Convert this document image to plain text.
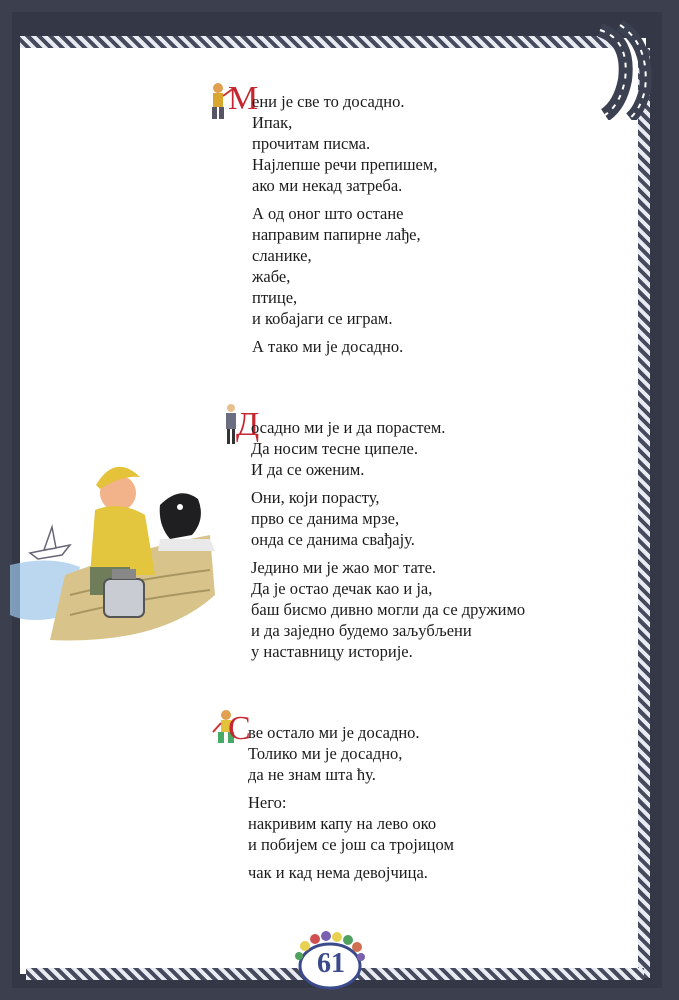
М

ени је све то досадно.

Ипак,

прочитам писма.

Најлепше речи препишем,

ако ми некад затреба.

А од оног што остане

направим папирне лађе,

сланике,

жабе,

птице,

и кобајаги се играм.

А тако ми је досадно.

Д

осадно ми је и да порастем.

Да носим тесне ципеле.

И да се оженим.

Они, који порасту,

прво се данима мрзе,

онда се данима свађају.

Једино ми је жао мог тате.

Да је остао дечак као и ја,

баш бисмо дивно могли да се дружимо

и да заједно будемо заљубљени

у наставницу историје.

С

ве остало ми је досадно.

Толико ми је досадно,

да не знам шта ћу.

Него:

накривим капу на лево око

и побијем се још са тројицом

чак и кад нема девојчица.

61
